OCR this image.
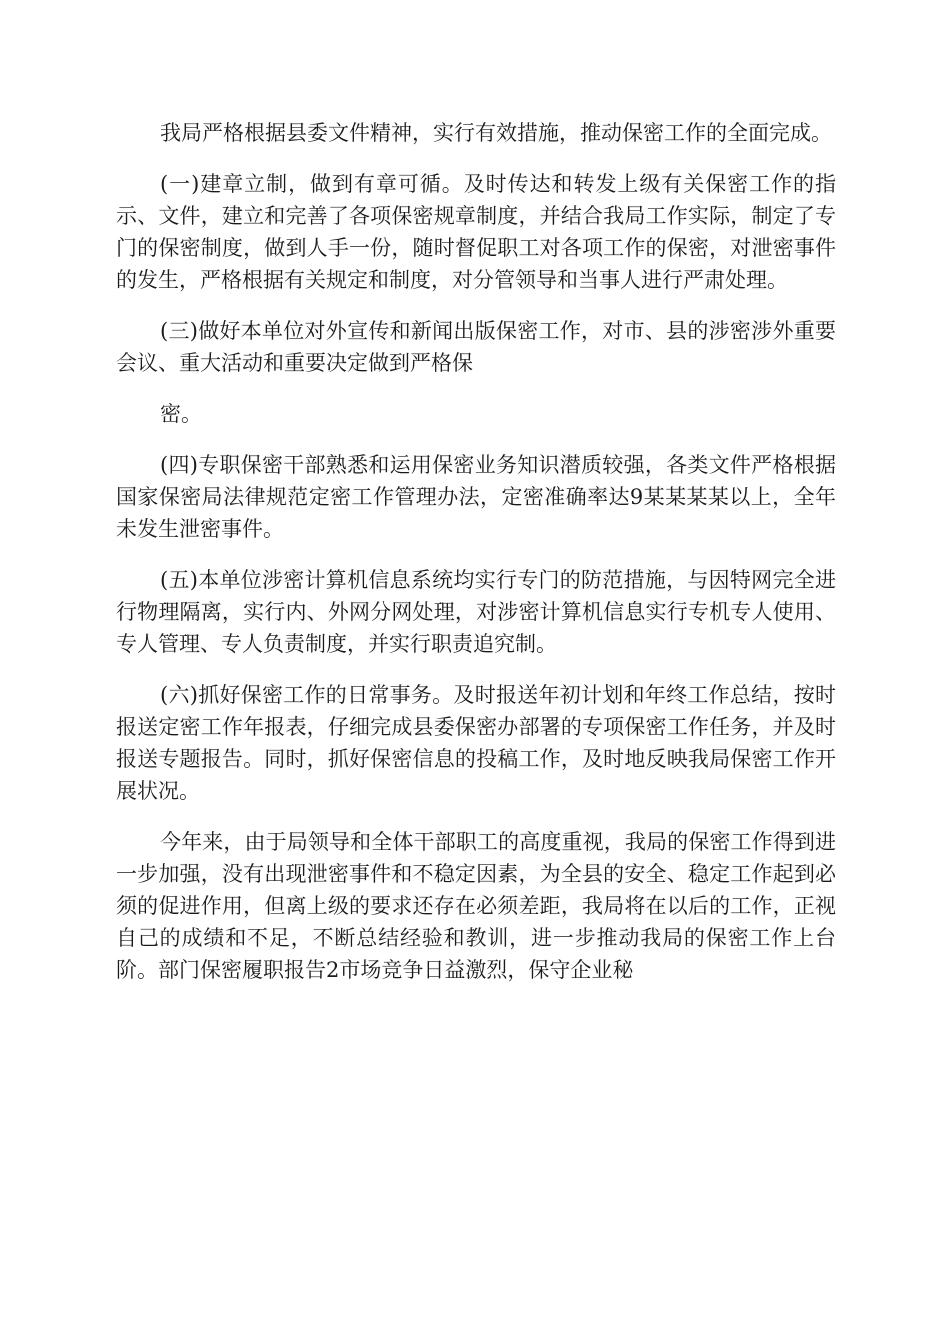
我局严格根据县委文件精神，实行有效措施，推动保密工作的全面完成。

(一)建章立制，做到有章可循。及时传达和转发上级有关保密工作的指示、文件，建立和完善了各项保密规章制度，并结合我局工作实际，制定了专门的保密制度，做到人手一份，随时督促职工对各项工作的保密，对泄密事件的发生，严格根据有关规定和制度，对分管领导和当事人进行严肃处理。

(三)做好本单位对外宣传和新闻出版保密工作，对市、县的涉密涉外重要会议、重大活动和重要决定做到严格保

密。

(四)专职保密干部熟悉和运用保密业务知识潜质较强，各类文件严格根据国家保密局法律规范定密工作管理办法，定密准确率达9某某某某以上，全年未发生泄密事件。

(五)本单位涉密计算机信息系统均实行专门的防范措施，与因特网完全进行物理隔离，实行内、外网分网处理，对涉密计算机信息实行专机专人使用、专人管理、专人负责制度，并实行职责追究制。

(六)抓好保密工作的日常事务。及时报送年初计划和年终工作总结，按时报送定密工作年报表，仔细完成县委保密办部署的专项保密工作任务，并及时报送专题报告。同时，抓好保密信息的投稿工作，及时地反映我局保密工作开展状况。

今年来，由于局领导和全体干部职工的高度重视，我局的保密工作得到进一步加强，没有出现泄密事件和不稳定因素，为全县的安全、稳定工作起到必须的促进作用，但离上级的要求还存在必须差距，我局将在以后的工作，正视自己的成绩和不足，不断总结经验和教训，进一步推动我局的保密工作上台阶。部门保密履职报告2市场竞争日益激烈，保守企业秘
